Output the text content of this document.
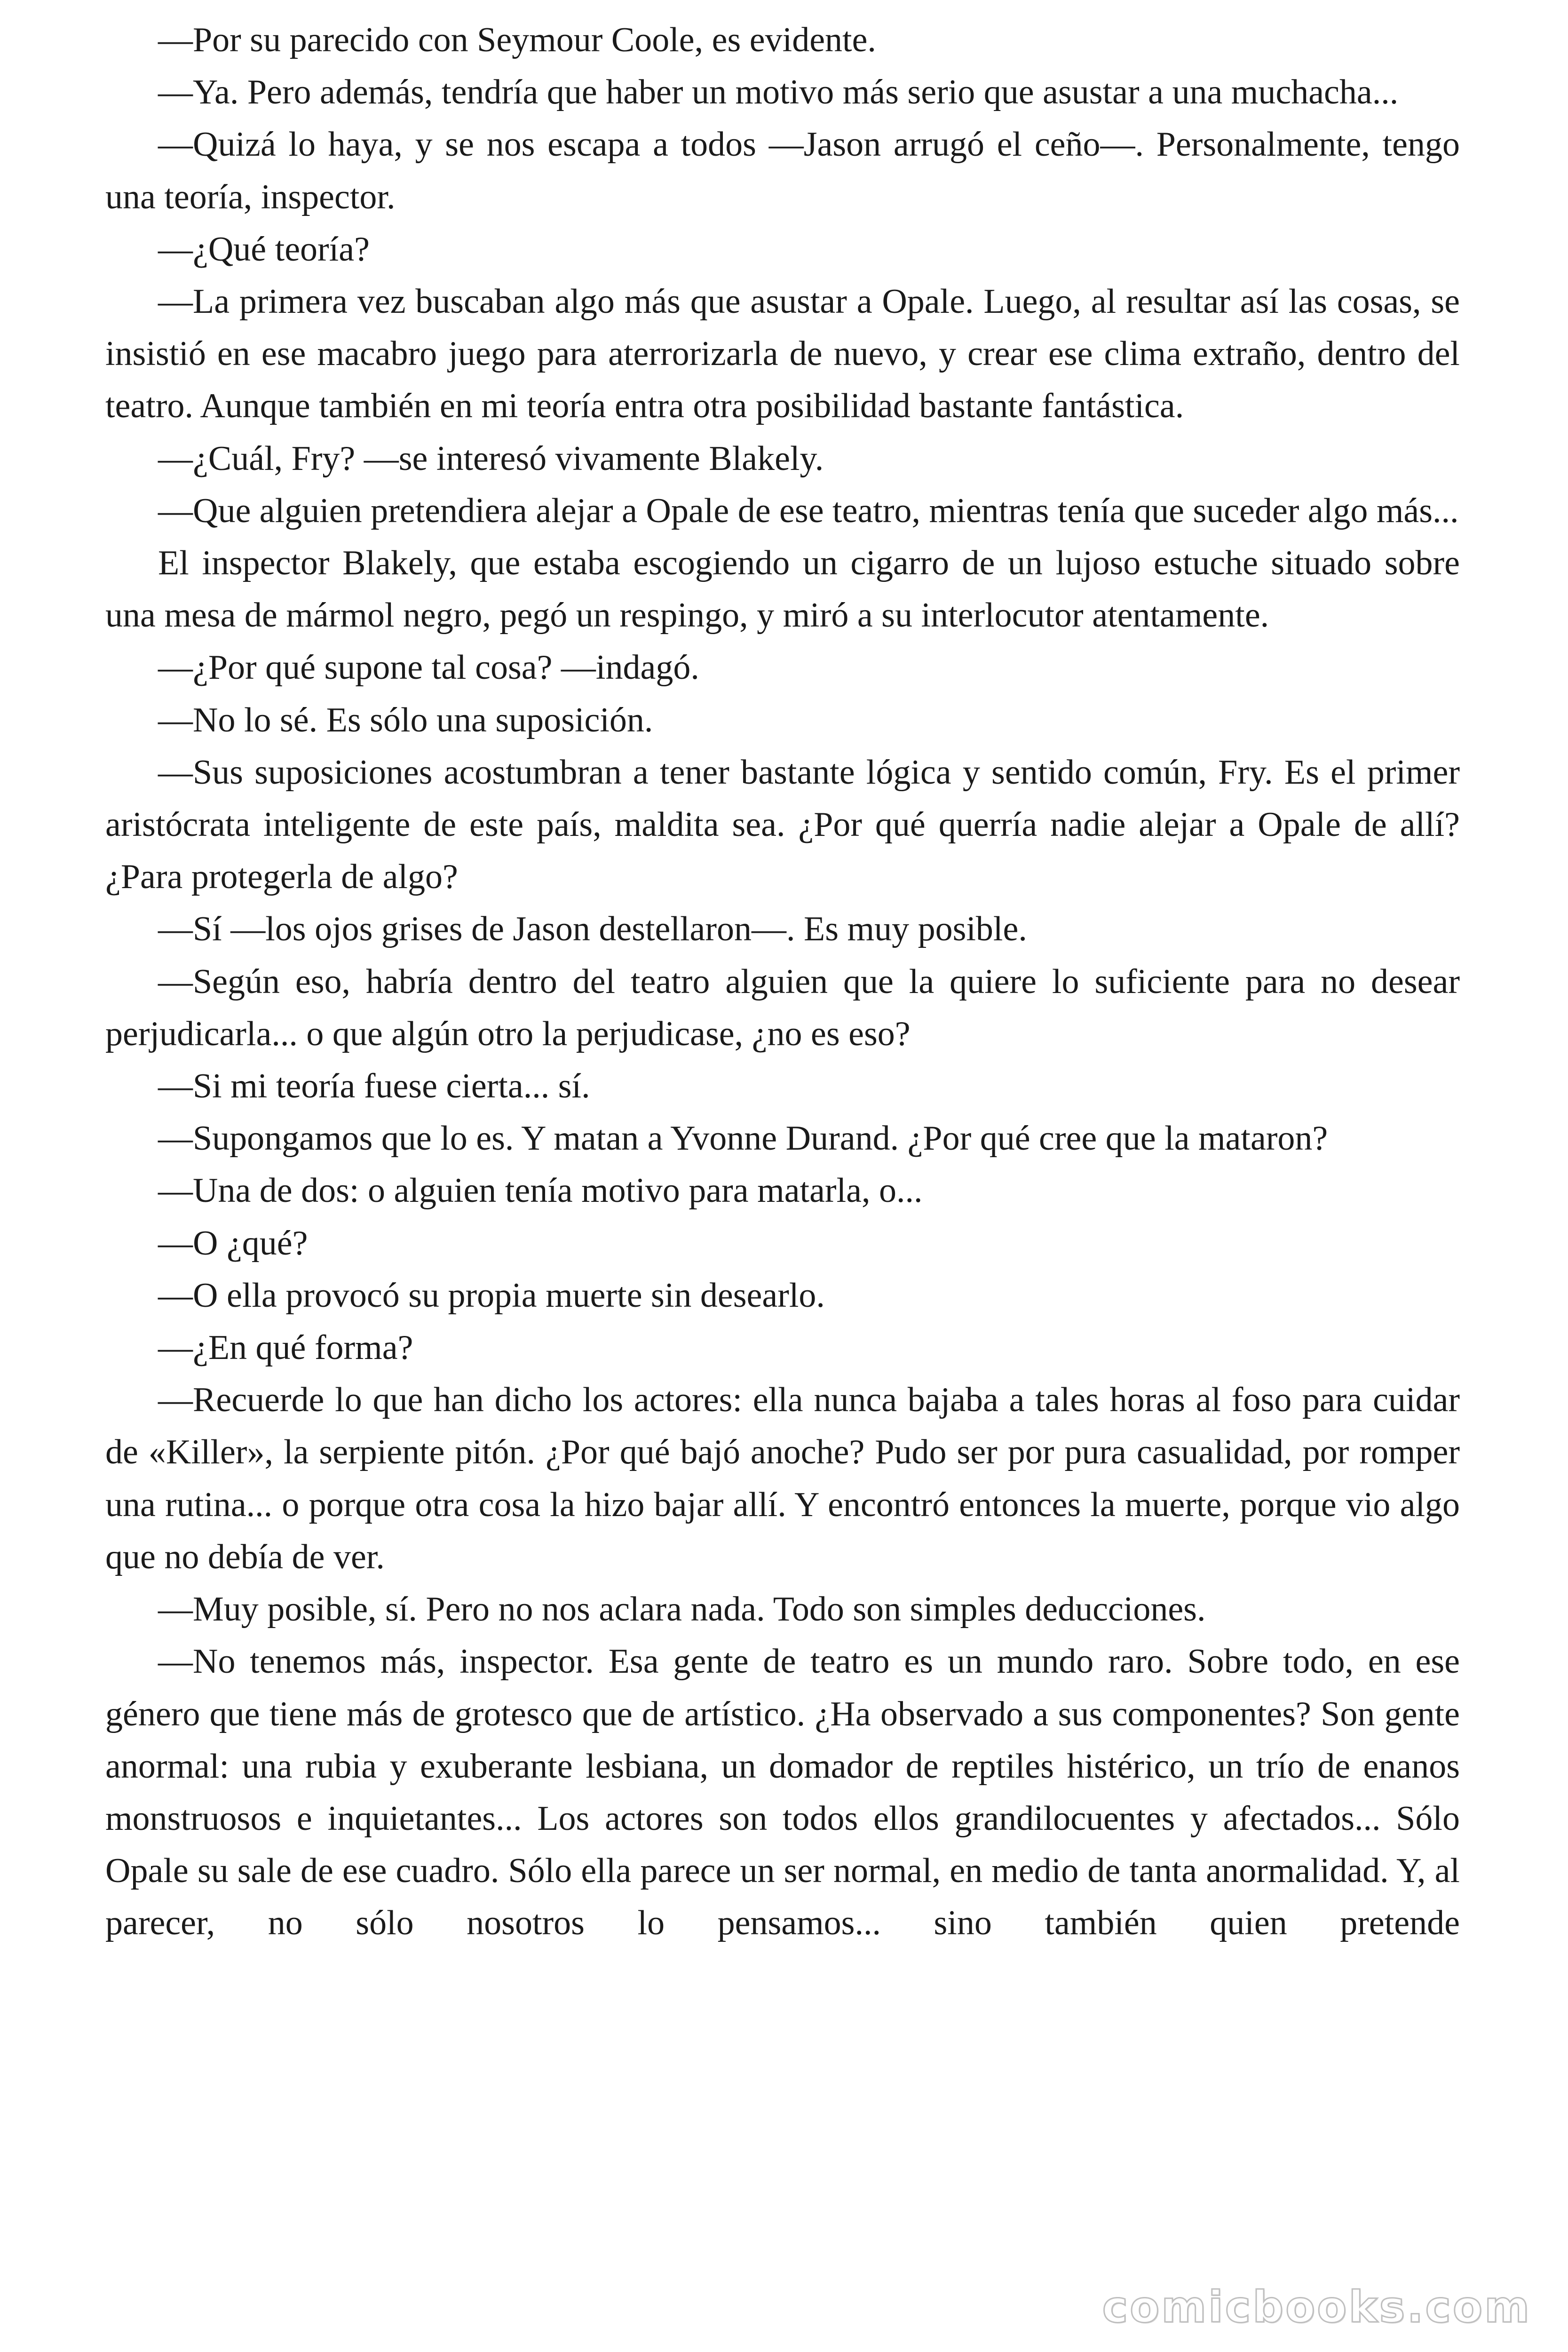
—Por su parecido con Seymour Coole, es evidente.

—Ya. Pero además, tendría que haber un motivo más serio que asustar a una muchacha...

—Quizá lo haya, y se nos escapa a todos —Jason arrugó el ceño—. Personalmente, tengo una teoría, inspector.

—¿Qué teoría?

—La primera vez buscaban algo más que asustar a Opale. Luego, al resultar así las cosas, se insistió en ese macabro juego para aterrorizarla de nuevo, y crear ese clima extraño, dentro del teatro. Aunque también en mi teoría entra otra posibilidad bastante fantástica.

—¿Cuál, Fry? —se interesó vivamente Blakely.

—Que alguien pretendiera alejar a Opale de ese teatro, mientras tenía que suceder algo más...

El inspector Blakely, que estaba escogiendo un cigarro de un lujoso estuche situado sobre una mesa de mármol negro, pegó un respingo, y miró a su interlocutor atentamente.

—¿Por qué supone tal cosa? —indagó.

—No lo sé. Es sólo una suposición.

—Sus suposiciones acostumbran a tener bastante lógica y sentido común, Fry. Es el primer aristócrata inteligente de este país, maldita sea. ¿Por qué querría nadie alejar a Opale de allí? ¿Para protegerla de algo?

—Sí —los ojos grises de Jason destellaron—. Es muy posible.

—Según eso, habría dentro del teatro alguien que la quiere lo suficiente para no desear perjudicarla... o que algún otro la perjudicase, ¿no es eso?

—Si mi teoría fuese cierta... sí.

—Supongamos que lo es. Y matan a Yvonne Durand. ¿Por qué cree que la mataron?

—Una de dos: o alguien tenía motivo para matarla, o...

—O ¿qué?

—O ella provocó su propia muerte sin desearlo.

—¿En qué forma?

—Recuerde lo que han dicho los actores: ella nunca bajaba a tales horas al foso para cuidar de «Killer», la serpiente pitón. ¿Por qué bajó anoche? Pudo ser por pura casualidad, por romper una rutina... o porque otra cosa la hizo bajar allí. Y encontró entonces la muerte, porque vio algo que no debía de ver.

—Muy posible, sí. Pero no nos aclara nada. Todo son simples deducciones.

—No tenemos más, inspector. Esa gente de teatro es un mundo raro. Sobre todo, en ese género que tiene más de grotesco que de artístico. ¿Ha observado a sus componentes? Son gente anormal: una rubia y exuberante lesbiana, un domador de reptiles histérico, un trío de enanos monstruosos e inquietantes... Los actores son todos ellos grandilocuentes y afectados... Sólo Opale su sale de ese cuadro. Sólo ella parece un ser normal, en medio de tanta anormalidad. Y, al parecer, no sólo nosotros lo pensamos... sino también quien pretende

comicbooks.com
